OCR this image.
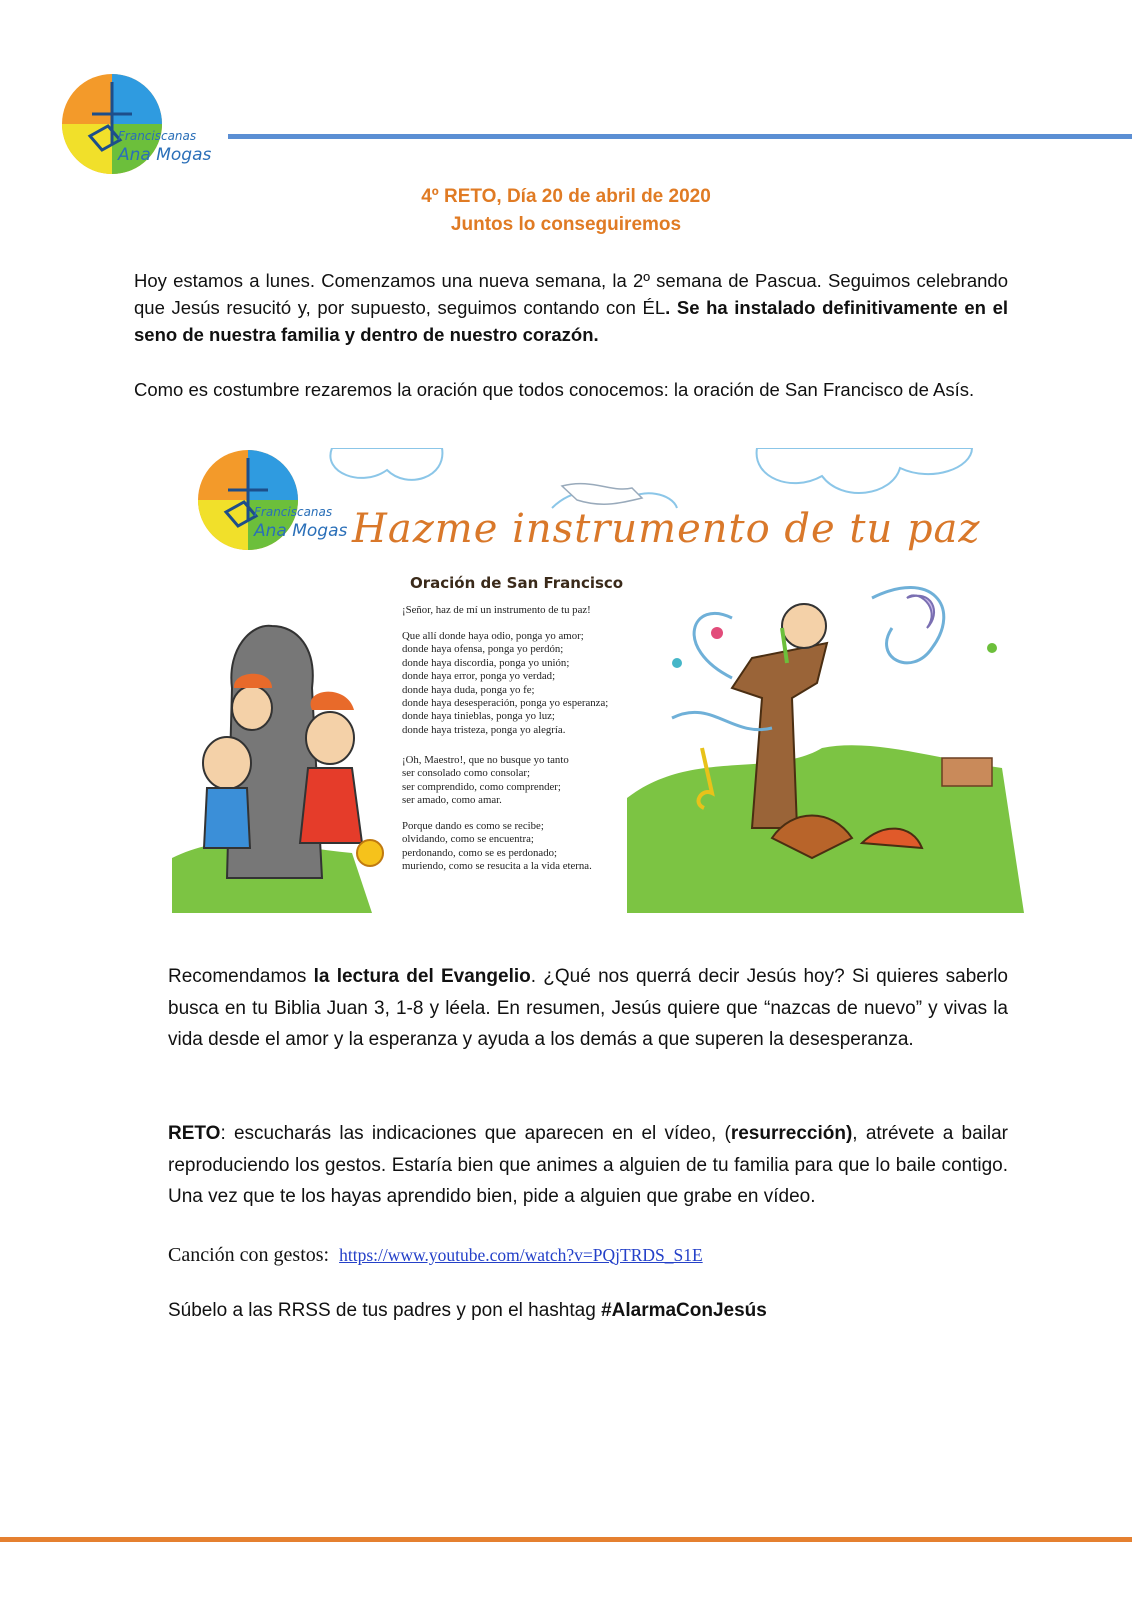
Franciscanas
Ana Mogas
4º RETO, Día 20 de abril de 2020
Juntos lo conseguiremos
Hoy estamos a lunes. Comenzamos una nueva semana, la 2º semana de Pascua. Seguimos celebrando que Jesús resucitó y, por supuesto, seguimos contando con ÉL. Se ha instalado definitivamente en el seno de nuestra familia y dentro de nuestro corazón.
Como es costumbre rezaremos la oración que todos conocemos: la oración de San Francisco de Asís.
Franciscanas
Ana Mogas Hazme instrumento de tu paz
Oración de San Francisco
¡Señor, haz de mí un instrumento de tu paz!
Que allí donde haya odio, ponga yo amor;
donde haya ofensa, ponga yo perdón;
donde haya discordia, ponga yo unión;
donde haya error, ponga yo verdad;
donde haya duda, ponga yo fe;
donde haya desesperación, ponga yo esperanza;
donde haya tinieblas, ponga yo luz;
donde haya tristeza, ponga yo alegría.
¡Oh, Maestro!, que no busque yo tanto
ser consolado como consolar;
ser comprendido, como comprender;
ser amado, como amar.
Porque dando es como se recibe;
olvidando, como se encuentra;
perdonando, como se es perdonado;
muriendo, como se resucita a la vida eterna.
Recomendamos la lectura del Evangelio. ¿Qué nos querrá decir Jesús hoy? Si quieres saberlo busca en tu Biblia Juan 3, 1-8 y léela. En resumen, Jesús quiere que “nazcas de nuevo” y vivas la vida desde el amor y la esperanza y ayuda a los demás a que superen la desesperanza.
RETO: escucharás las indicaciones que aparecen en el vídeo, (resurrección), atrévete a bailar reproduciendo los gestos. Estaría bien que animes a alguien de tu familia para que lo baile contigo. Una vez que te los hayas aprendido bien, pide a alguien que grabe en vídeo.
Canción con gestos: https://www.youtube.com/watch?v=PQjTRDS_S1E
Súbelo a las RRSS de tus padres y pon el hashtag #AlarmaConJesús
